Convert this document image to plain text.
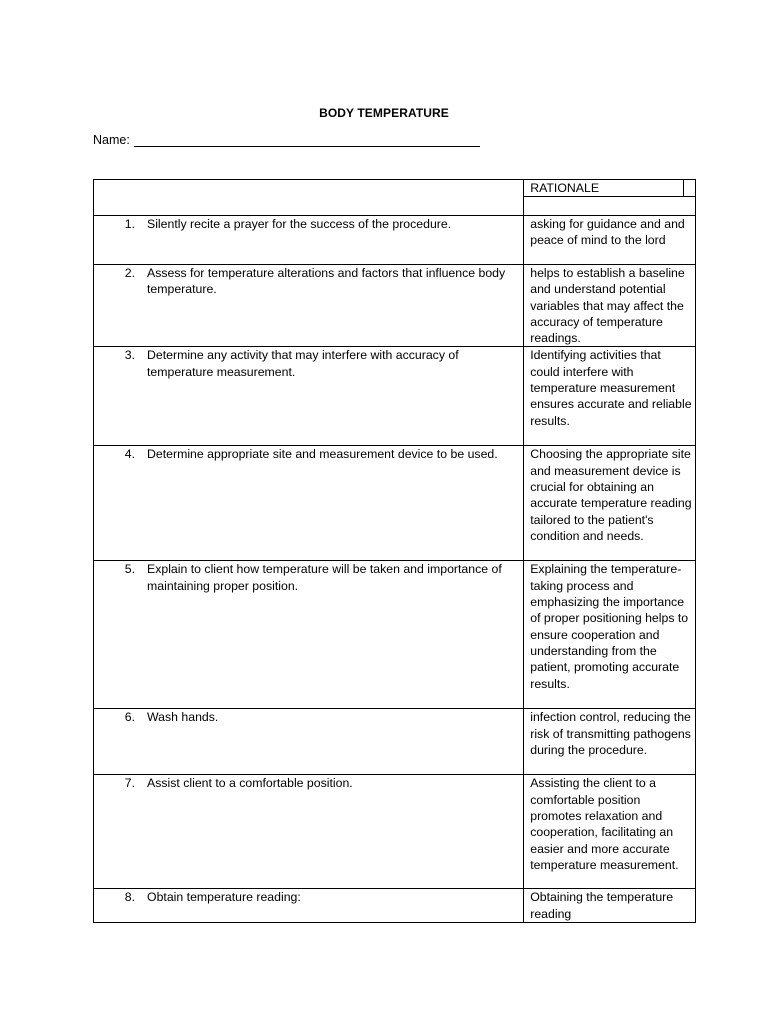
BODY TEMPERATURE
Name:

	RATIONALE

1. Silently recite a prayer for the success of the procedure.	asking for guidance and and peace of mind to the lord

2. Assess for temperature alterations and factors that influence body temperature.	helps to establish a baseline and understand potential variables that may affect the accuracy of temperature readings.

3. Determine any activity that may interfere with accuracy of temperature measurement.	Identifying activities that could interfere with temperature measurement ensures accurate and reliable results.

4. Determine appropriate site and measurement device to be used.	Choosing the appropriate site and measurement device is crucial for obtaining an accurate temperature reading tailored to the patient's condition and needs.

5. Explain to client how temperature will be taken and importance of maintaining proper position.	Explaining the temperature-taking process and emphasizing the importance of proper positioning helps to ensure cooperation and understanding from the patient, promoting accurate results.

6. Wash hands.	infection control, reducing the risk of transmitting pathogens during the procedure.

7. Assist client to a comfortable position.	Assisting the client to a comfortable position promotes relaxation and cooperation, facilitating an easier and more accurate temperature measurement.

8. Obtain temperature reading:	Obtaining the temperature reading
